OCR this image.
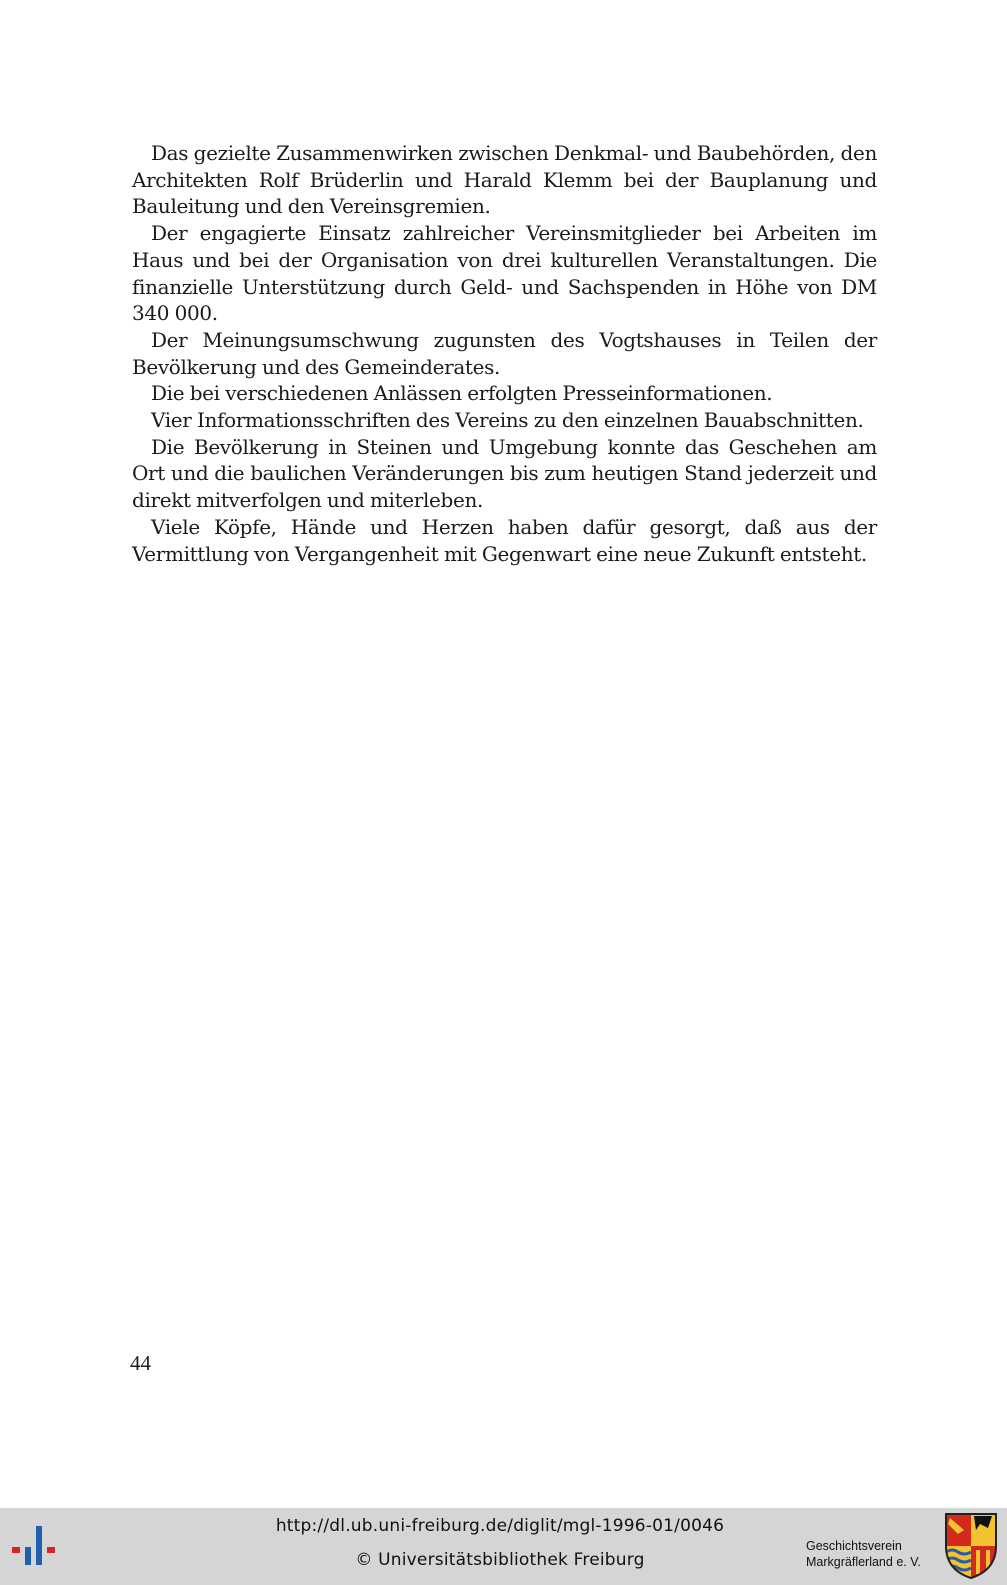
Das gezielte Zusammenwirken zwischen Denkmal- und Baubehörden, den Architekten Rolf Brüderlin und Harald Klemm bei der Bauplanung und Bauleitung und den Vereinsgremien.

Der engagierte Einsatz zahlreicher Vereinsmitglieder bei Arbeiten im Haus und bei der Organisation von drei kulturellen Veranstaltungen. Die finanzielle Unterstützung durch Geld- und Sachspenden in Höhe von DM 340 000.

Der Meinungsumschwung zugunsten des Vogtshauses in Teilen der Bevölkerung und des Gemeinderates.

Die bei verschiedenen Anlässen erfolgten Presseinformationen.

Vier Informationsschriften des Vereins zu den einzelnen Bauabschnitten.

Die Bevölkerung in Steinen und Umgebung konnte das Geschehen am Ort und die baulichen Veränderungen bis zum heutigen Stand jederzeit und direkt mitverfolgen und miterleben.

Viele Köpfe, Hände und Herzen haben dafür gesorgt, daß aus der Vermittlung von Vergangenheit mit Gegenwart eine neue Zukunft entsteht.

44
http://dl.ub.uni-freiburg.de/diglit/mgl-1996-01/0046
© Universitätsbibliothek Freiburg
Geschichtsverein
Markgräflerland e. V.
